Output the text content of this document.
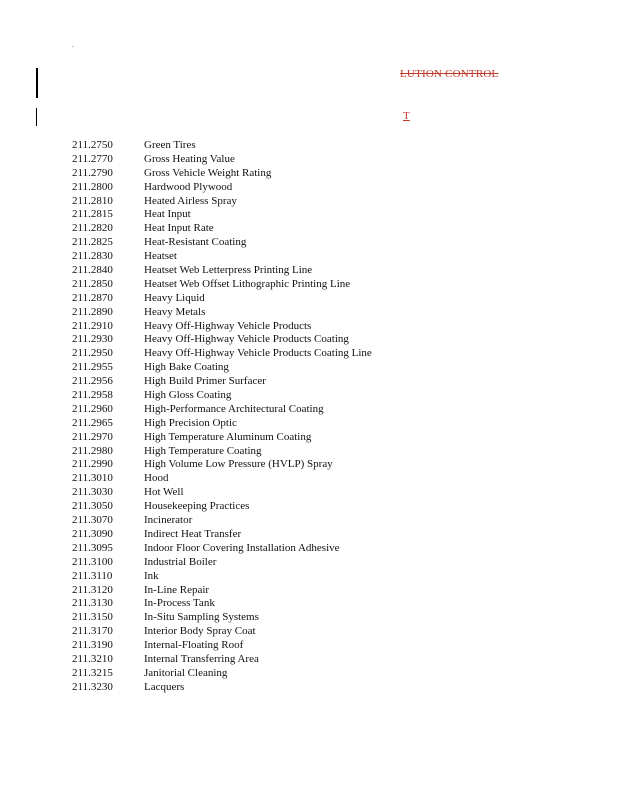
.
LUTION CONTROL
T
211.2750	Green Tires
211.2770	Gross Heating Value
211.2790	Gross Vehicle Weight Rating
211.2800	Hardwood Plywood
211.2810	Heated Airless Spray
211.2815	Heat Input
211.2820	Heat Input Rate
211.2825	Heat-Resistant Coating
211.2830	Heatset
211.2840	Heatset Web Letterpress Printing Line
211.2850	Heatset Web Offset Lithographic Printing Line
211.2870	Heavy Liquid
211.2890	Heavy Metals
211.2910	Heavy Off-Highway Vehicle Products
211.2930	Heavy Off-Highway Vehicle Products Coating
211.2950	Heavy Off-Highway Vehicle Products Coating Line
211.2955	High Bake Coating
211.2956	High Build Primer Surfacer
211.2958	High Gloss Coating
211.2960	High-Performance Architectural Coating
211.2965	High Precision Optic
211.2970	High Temperature Aluminum Coating
211.2980	High Temperature Coating
211.2990	High Volume Low Pressure (HVLP) Spray
211.3010	Hood
211.3030	Hot Well
211.3050	Housekeeping Practices
211.3070	Incinerator
211.3090	Indirect Heat Transfer
211.3095	Indoor Floor Covering Installation Adhesive
211.3100	Industrial Boiler
211.3110	Ink
211.3120	In-Line Repair
211.3130	In-Process Tank
211.3150	In-Situ Sampling Systems
211.3170	Interior Body Spray Coat
211.3190	Internal-Floating Roof
211.3210	Internal Transferring Area
211.3215	Janitorial Cleaning
211.3230	Lacquers
